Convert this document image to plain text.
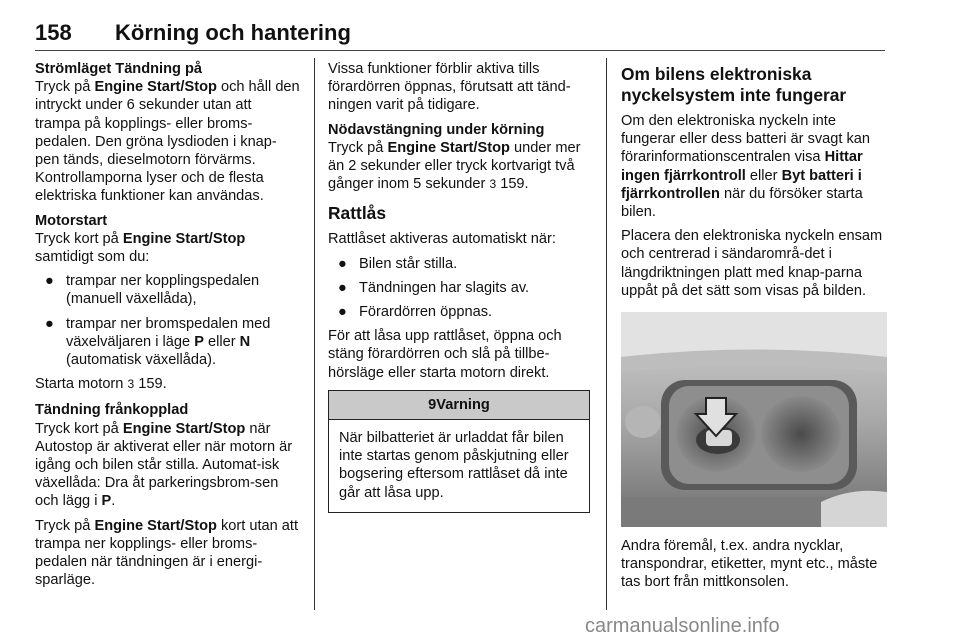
158 Körning och hantering

Strömläget Tändning på

Tryck på Engine Start/Stop och håll den intryckt under 6 sekunder utan att trampa på kopplings- eller broms-pedalen. Den gröna lysdioden i knap-pen tänds, dieselmotorn förvärms. Kontrollamporna lyser och de flesta elektriska funktioner kan användas.

Motorstart

Tryck kort på Engine Start/Stop samtidigt som du:

● trampar ner kopplingspedalen (manuell växellåda),
● trampar ner bromspedalen med växelväljaren i läge P eller N (automatisk växellåda).

Starta motorn 3 159.

Tändning frånkopplad

Tryck kort på Engine Start/Stop när Autostop är aktiverat eller när motorn är igång och bilen står stilla. Automat-isk växellåda: Dra åt parkeringsbrom-sen och lägg i P.

Tryck på Engine Start/Stop kort utan att trampa ner kopplings- eller broms-pedalen när tändningen är i energi-sparläge.

Vissa funktioner förblir aktiva tills förardörren öppnas, förutsatt att tänd-ningen varit på tidigare.

Nödavstängning under körning

Tryck på Engine Start/Stop under mer än 2 sekunder eller tryck kortvarigt två gånger inom 5 sekunder 3 159.

Rattlås

Rattlåset aktiveras automatiskt när:

● Bilen står stilla.
● Tändningen har slagits av.
● Förardörren öppnas.

För att låsa upp rattlåset, öppna och stäng förardörren och slå på tillbe-hörsläge eller starta motorn direkt.

9Varning
När bilbatteriet är urladdat får bilen inte startas genom påskjutning eller bogsering eftersom rattlåset då inte går att låsa upp.
Om bilens elektroniska nyckelsystem inte fungerar

Om den elektroniska nyckeln inte fungerar eller dess batteri är svagt kan förarinformationscentralen visa Hittar ingen fjärrkontroll eller Byt batteri i fjärrkontrollen när du försöker starta bilen.

Placera den elektroniska nyckeln ensam och centrerad i sändarområ-det i längdriktningen platt med knap-parna uppåt på det sätt som visas på bilden.

Andra föremål, t.ex. andra nycklar, transpondrar, etiketter, mynt etc., måste tas bort från mittkonsolen.

carmanualsonline.info
